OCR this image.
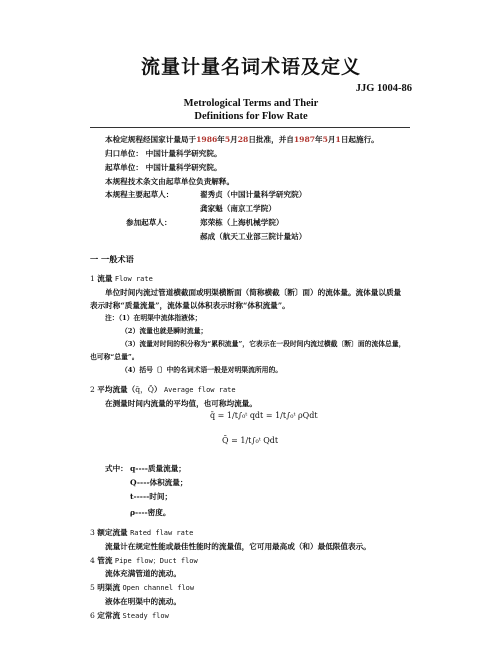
流量计量名词术语及定义
JJG 1004-86
Metrological Terms and Their
Definitions for Flow Rate
本检定规程经国家计量局于1986年5月28日批准，并自1987年5月1日起施行。
归口单位： 中国计量科学研究院。
起草单位： 中国计量科学研究院。
本规程技术条文由起草单位负责解释。
本规程主要起草人：	翟秀贞（中国计量科学研究院）
龚家魁（南京工学院）
参加起草人：	郑荣栋（上海机械学院）
郝成（航天工业部三院计量站）
一 一般术语
1 流量 Flow rate
单位时间内流过管道横截面或明渠横断面（简称横截〔断〕面）的流体量。流体量以质量
表示时称“质量流量”，流体量以体积表示时称“体积流量”。
注：（1）在明渠中流体指液体；
（2）流量也就是瞬时流量；
（3）流量对时间的积分称为“累积流量”，它表示在一段时间内流过横截〔断〕面的流体总量，
也可称“总量”。
（4）括号〔〕中的名词术语一般是对明渠流所用的。
2 平均流量（q̄，Q̄） Average flow rate
在测量时间内流量的平均值，也可称均流量。
q̄ = 1/t∫₀ᵗ qdt = 1/t∫₀ᵗ ρQdt
Q̄ = 1/t∫₀ᵗ Qdt
式中： q----质量流量；
Q----体积流量；
t-----时间；
ρ----密度。
3 额定流量 Rated flaw rate
流量计在规定性能或最佳性能时的流量值，它可用最高或（和）最低限值表示。
4 管流 Pipe flow；Duct flow
流体充满管道的流动。
5 明渠流 Open channel flow
液体在明渠中的流动。
6 定常流 Steady flow
